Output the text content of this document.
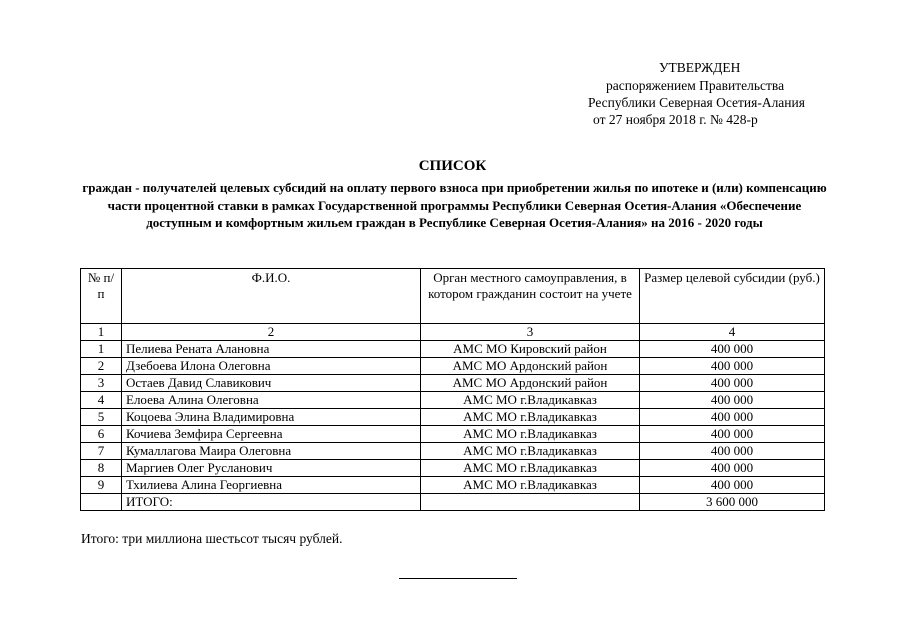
УТВЕРЖДЕН
распоряжением Правительства
Республики Северная Осетия-Алания
от 27 ноября 2018 г. № 428-р
СПИСОК
граждан - получателей целевых субсидий на оплату первого взноса при приобретении жилья по ипотеке и (или) компенсацию части процентной ставки в рамках Государственной программы Республики Северная Осетия-Алания «Обеспечение доступным и комфортным жильем граждан в Республике Северная Осетия-Алания» на 2016 - 2020 годы
№ п/п	Ф.И.О.	Орган местного самоуправления, в котором гражданин состоит на учете	Размер целевой субсидии (руб.)
1	2	3	4
1	Пелиева Рената Алановна	АМС МО Кировский район	400 000
2	Дзебоева Илона Олеговна	АМС МО Ардонский район	400 000
3	Остаев Давид Славикович	АМС МО Ардонский район	400 000
4	Елоева Алина Олеговна	АМС МО г.Владикавказ	400 000
5	Коцоева Элина Владимировна	АМС МО г.Владикавказ	400 000
6	Кочиева Земфира Сергеевна	АМС МО г.Владикавказ	400 000
7	Кумаллагова Маира Олеговна	АМС МО г.Владикавказ	400 000
8	Маргиев Олег Русланович	АМС МО г.Владикавказ	400 000
9	Тхилиева Алина Георгиевна	АМС МО г.Владикавказ	400 000
	ИТОГО:		3 600 000
Итого: три миллиона шестьсот тысяч рублей.
